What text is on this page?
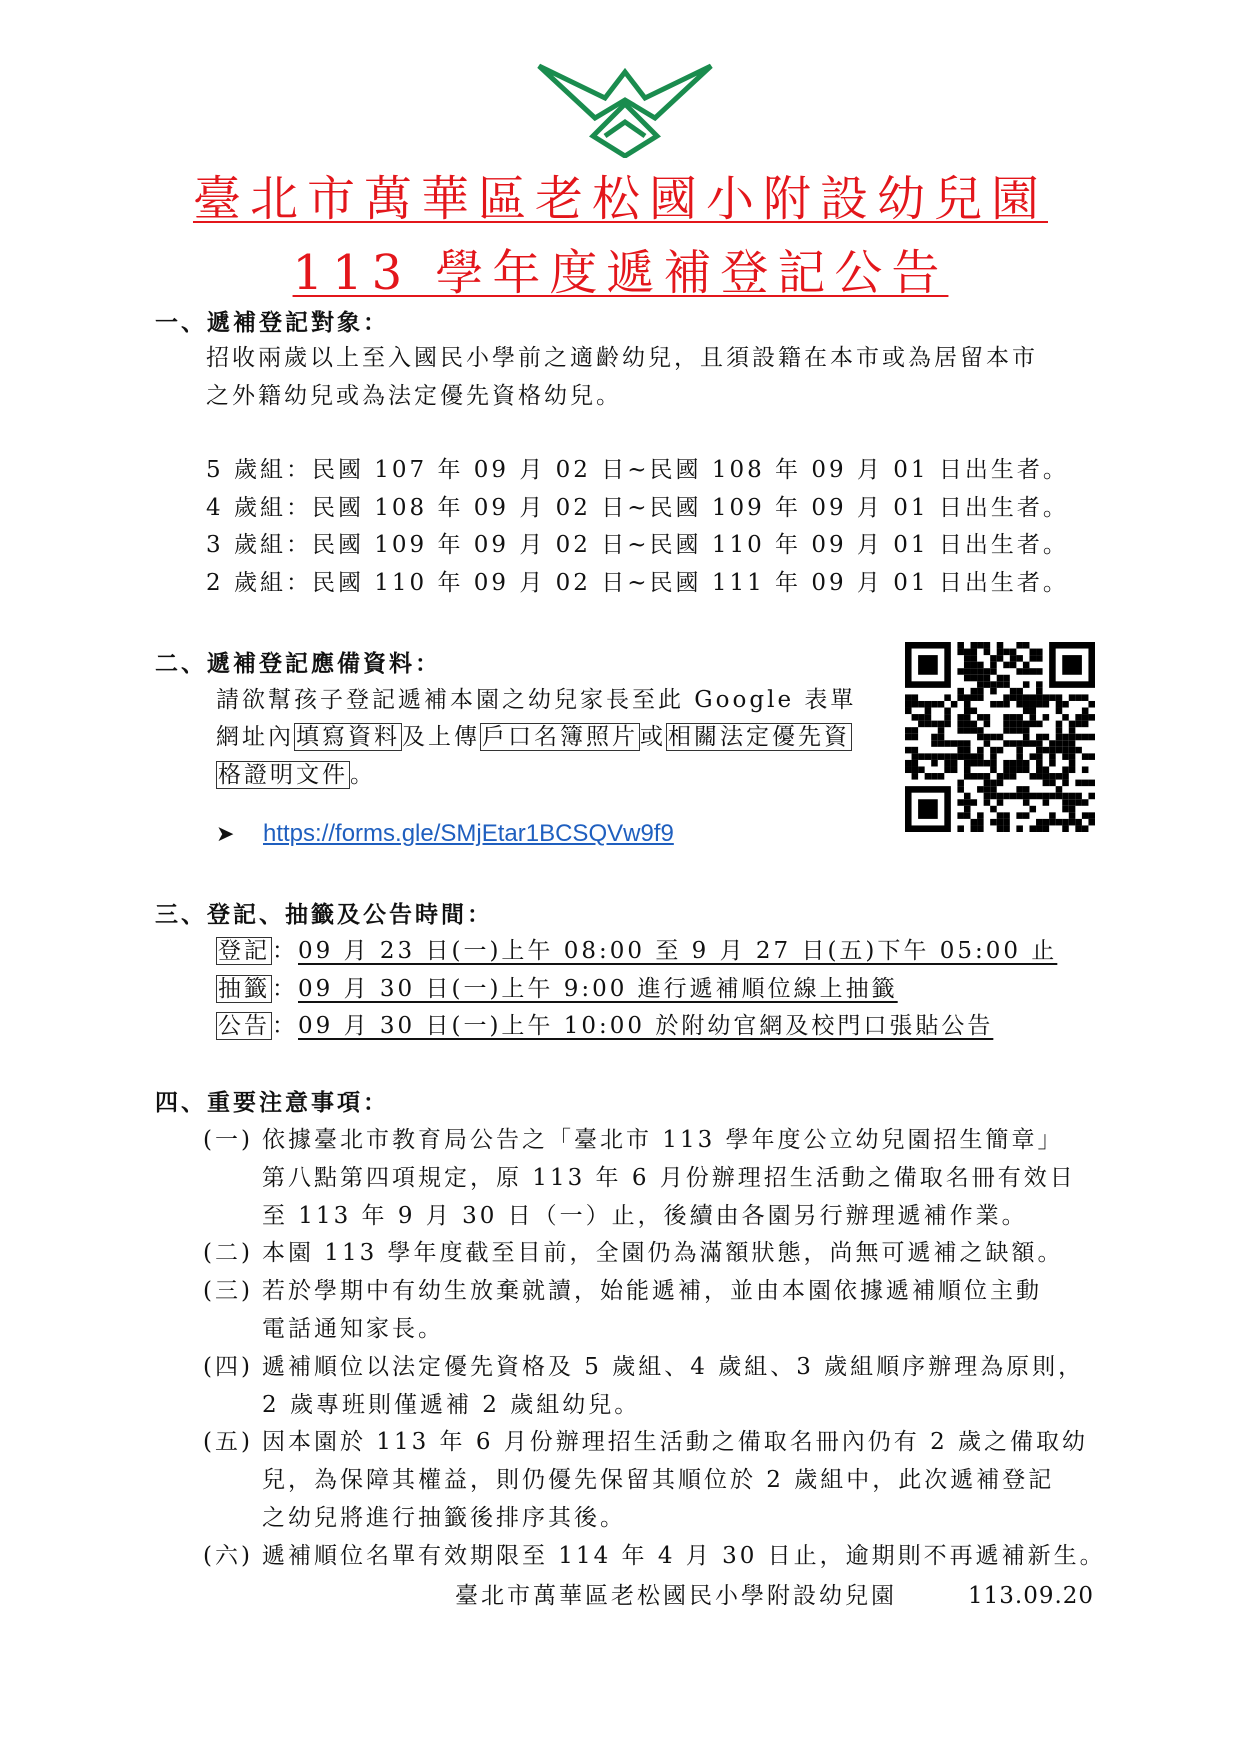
臺北市萬華區老松國小附設幼兒園
113 學年度遞補登記公告
一、遞補登記對象：
招收兩歲以上至入國民小學前之適齡幼兒，且須設籍在本市或為居留本市
之外籍幼兒或為法定優先資格幼兒。
5 歲組：民國 107 年 09 月 02 日~民國 108 年 09 月 01 日出生者。
4 歲組：民國 108 年 09 月 02 日~民國 109 年 09 月 01 日出生者。
3 歲組：民國 109 年 09 月 02 日~民國 110 年 09 月 01 日出生者。
2 歲組：民國 110 年 09 月 02 日~民國 111 年 09 月 01 日出生者。
二、遞補登記應備資料：
請欲幫孩子登記遞補本園之幼兒家長至此 Google 表單
網址內填寫資料及上傳戶口名簿照片或相關法定優先資
格證明文件。
➤ https://forms.gle/SMjEtar1BCSQVw9f9
三、登記、抽籤及公告時間：
登記：09 月 23 日(一)上午 08:00 至 9 月 27 日(五)下午 05:00 止
抽籤：09 月 30 日(一)上午 9:00 進行遞補順位線上抽籤
公告：09 月 30 日(一)上午 10:00 於附幼官網及校門口張貼公告
四、重要注意事項：
(一) 依據臺北市教育局公告之「臺北市 113 學年度公立幼兒園招生簡章」
第八點第四項規定，原 113 年 6 月份辦理招生活動之備取名冊有效日
至 113 年 9 月 30 日（一）止，後續由各園另行辦理遞補作業。
(二) 本園 113 學年度截至目前，全園仍為滿額狀態，尚無可遞補之缺額。
(三) 若於學期中有幼生放棄就讀，始能遞補，並由本園依據遞補順位主動
電話通知家長。
(四) 遞補順位以法定優先資格及 5 歲組、4 歲組、3 歲組順序辦理為原則，
2 歲專班則僅遞補 2 歲組幼兒。
(五) 因本園於 113 年 6 月份辦理招生活動之備取名冊內仍有 2 歲之備取幼
兒，為保障其權益，則仍優先保留其順位於 2 歲組中，此次遞補登記
之幼兒將進行抽籤後排序其後。
(六) 遞補順位名單有效期限至 114 年 4 月 30 日止，逾期則不再遞補新生。
臺北市萬華區老松國民小學附設幼兒園	113.09.20
